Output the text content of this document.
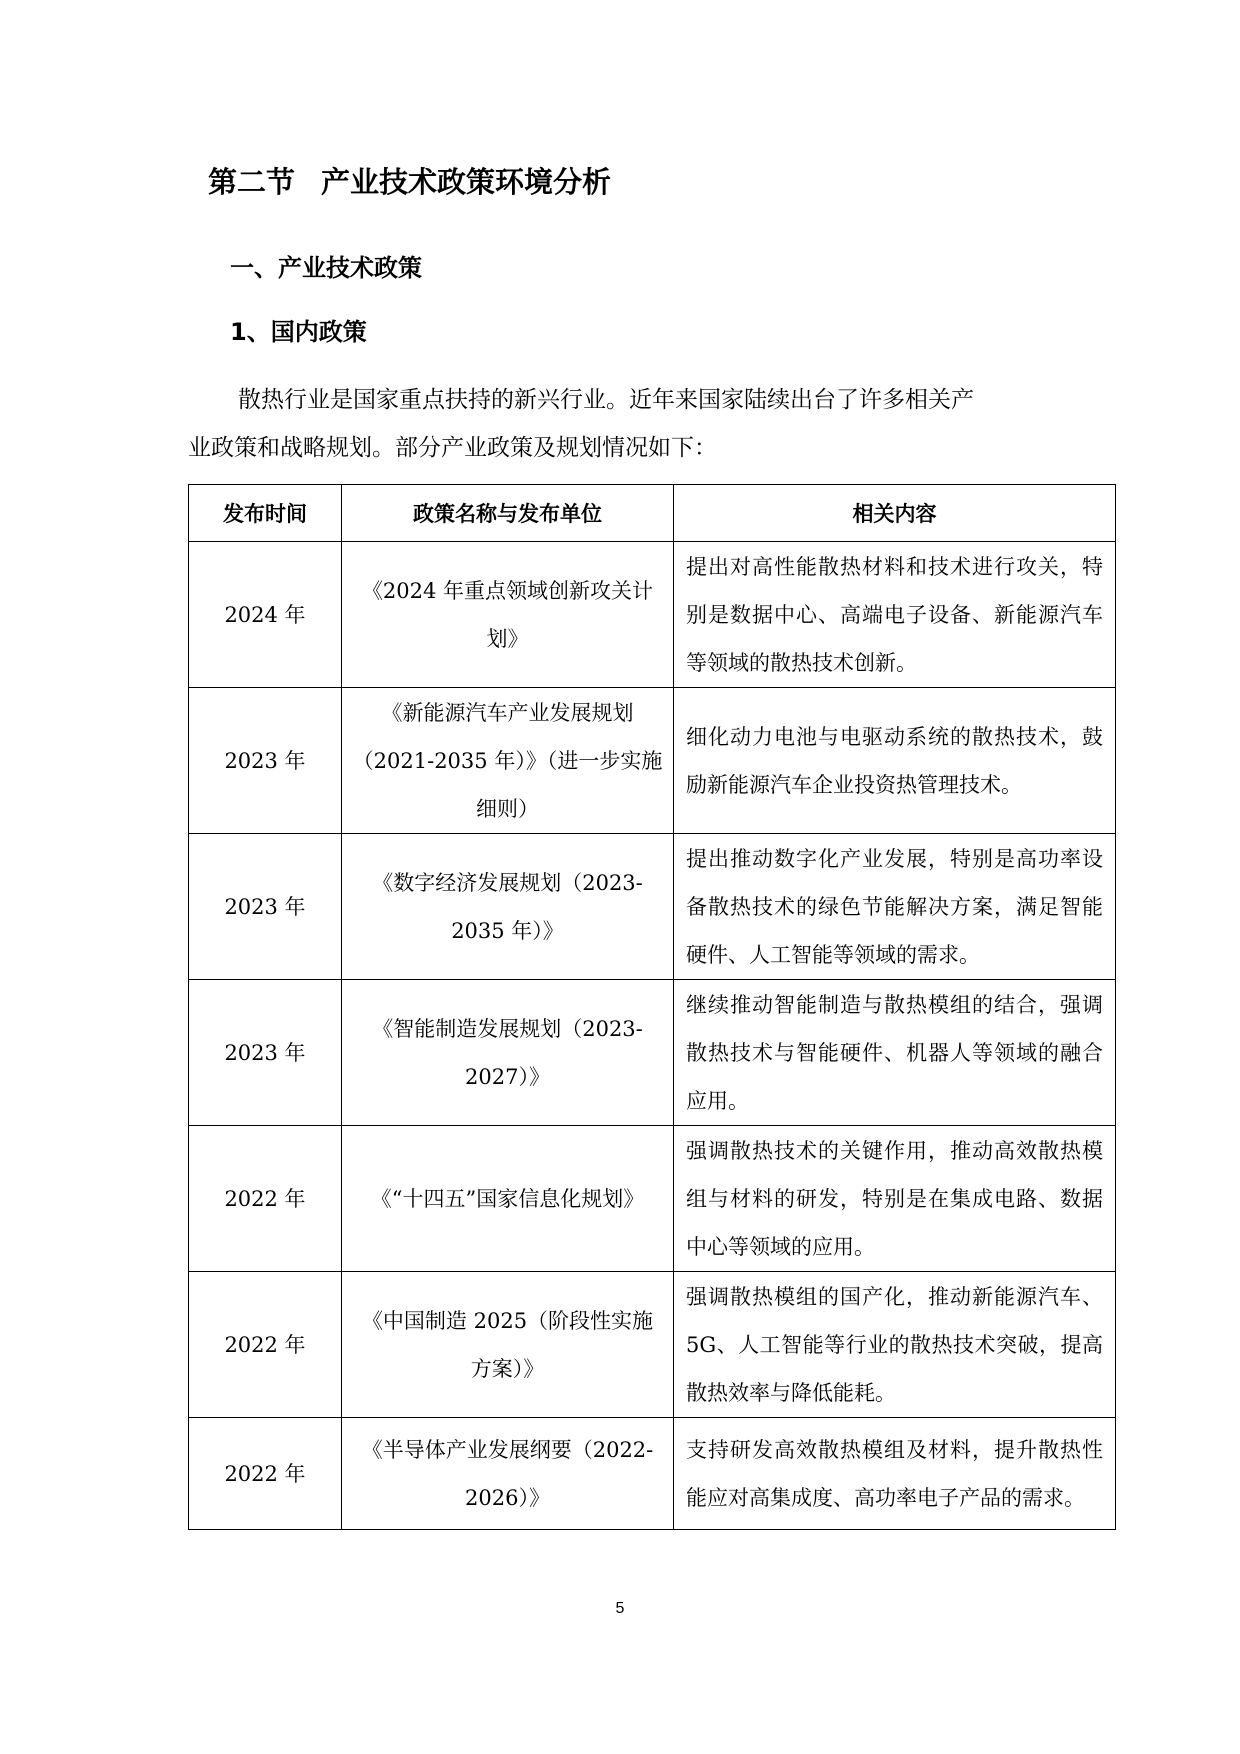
第二节 产业技术政策环境分析
一、产业技术政策
1、国内政策

散热行业是国家重点扶持的新兴行业。近年来国家陆续出台了许多相关产
业政策和战略规划。部分产业政策及规划情况如下：

发布时间	政策名称与发布单位	相关内容
2024 年	《2024 年重点领域创新攻关计划》	提出对高性能散热材料和技术进行攻关，特别是数据中心、高端电子设备、新能源汽车等领域的散热技术创新。
2023 年	《新能源汽车产业发展规划（2021-2035 年）》（进一步实施细则）	细化动力电池与电驱动系统的散热技术，鼓励新能源汽车企业投资热管理技术。
2023 年	《数字经济发展规划（2023-2035 年）》	提出推动数字化产业发展，特别是高功率设备散热技术的绿色节能解决方案，满足智能硬件、人工智能等领域的需求。
2023 年	《智能制造发展规划（2023-2027）》	继续推动智能制造与散热模组的结合，强调散热技术与智能硬件、机器人等领域的融合应用。
2022 年	《“十四五”国家信息化规划》	强调散热技术的关键作用，推动高效散热模组与材料的研发，特别是在集成电路、数据中心等领域的应用。
2022 年	《中国制造 2025（阶段性实施方案）》	强调散热模组的国产化，推动新能源汽车、5G、人工智能等行业的散热技术突破，提高散热效率与降低能耗。
2022 年	《半导体产业发展纲要（2022-2026）》	支持研发高效散热模组及材料，提升散热性能应对高集成度、高功率电子产品的需求。
5
